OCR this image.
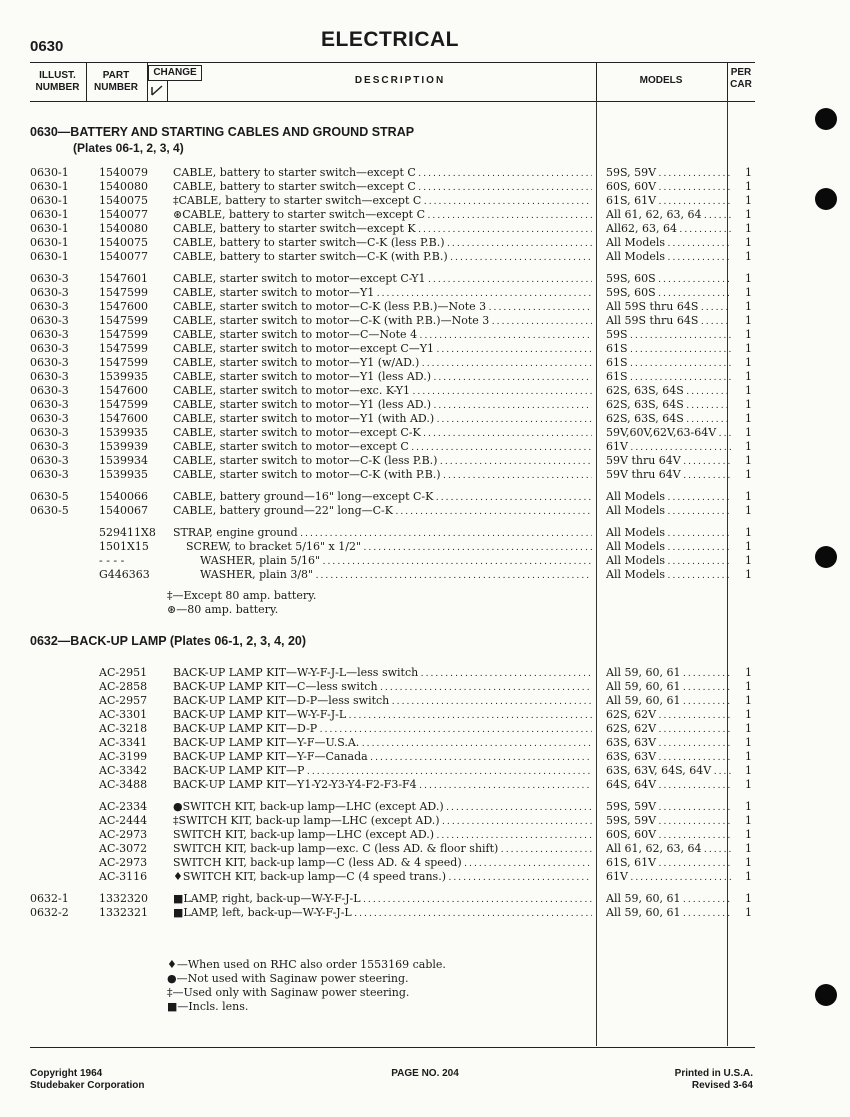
0630	ELECTRICAL
ILLUST.
NUMBER
PART
NUMBER
CHANGE
DESCRIPTION	MODELS
PER
CAR
0630—BATTERY AND STARTING CABLES AND GROUND STRAP
(Plates 06-1, 2, 3, 4)
0630-1	1540079	CABLE, battery to starter switch—except C . . .	59S, 59V . . .	1
0630-1	1540080	CABLE, battery to starter switch—except C . . .	60S, 60V . . .	1
0630-1	1540075	‡CABLE, battery to starter switch—except C . . .	61S, 61V . . .	1
0630-1	1540077	⊛CABLE, battery to starter switch—except C . . .	All 61, 62, 63, 64 . . .	1
0630-1	1540080	CABLE, battery to starter switch—except K . . .	All62, 63, 64 . . .	1
0630-1	1540075	CABLE, battery to starter switch—C-K (less P.B.) . . .	All Models . . .	1
0630-1	1540077	CABLE, battery to starter switch—C-K (with P.B.) . . .	All Models . . .	1
0630-3	1547601	CABLE, starter switch to motor—except C-Y1 . . .	59S, 60S . . .	1
0630-3	1547599	CABLE, starter switch to motor—Y1 . . .	59S, 60S . . .	1
0630-3	1547600	CABLE, starter switch to motor—C-K (less P.B.)—Note 3 . . .	All 59S thru 64S . . .	1
0630-3	1547599	CABLE, starter switch to motor—C-K (with P.B.)—Note 3 . . .	All 59S thru 64S . . .	1
0630-3	1547599	CABLE, starter switch to motor—C—Note 4 . . .	59S . . .	1
0630-3	1547599	CABLE, starter switch to motor—except C—Y1 . . .	61S . . .	1
0630-3	1547599	CABLE, starter switch to motor—Y1 (w/AD.) . . .	61S . . .	1
0630-3	1539935	CABLE, starter switch to motor—Y1 (less AD.) . . .	61S . . .	1
0630-3	1547600	CABLE, starter switch to motor—exc. K-Y1 . . .	62S, 63S, 64S . . .	1
0630-3	1547599	CABLE, starter switch to motor—Y1 (less AD.) . . .	62S, 63S, 64S . . .	1
0630-3	1547600	CABLE, starter switch to motor—Y1 (with AD.) . . .	62S, 63S, 64S . . .	1
0630-3	1539935	CABLE, starter switch to motor—except C-K . . .	59V,60V,62V,63-64V . . .	1
0630-3	1539939	CABLE, starter switch to motor—except C . . .	61V . . .	1
0630-3	1539934	CABLE, starter switch to motor—C-K (less P.B.) . . .	59V thru 64V . . .	1
0630-3	1539935	CABLE, starter switch to motor—C-K (with P.B.) . . .	59V thru 64V . . .	1
0630-5	1540066	CABLE, battery ground—16" long—except C-K . . .	All Models . . .	1
0630-5	1540067	CABLE, battery ground—22" long—C-K . . .	All Models . . .	1
529411X8	STRAP, engine ground . . .	All Models . . .	1
1501X15	SCREW, to bracket 5/16" x 1/2" . . .	All Models . . .	1
- - - -	WASHER, plain 5/16" . . .	All Models . . .	1
G446363	WASHER, plain 3/8" . . .	All Models . . .	1
AC-2951	BACK-UP LAMP KIT—W-Y-F-J-L—less switch . . .	All 59, 60, 61 . . .	1
AC-2858	BACK-UP LAMP KIT—C—less switch . . .	All 59, 60, 61 . . .	1
AC-2957	BACK-UP LAMP KIT—D-P—less switch . . .	All 59, 60, 61 . . .	1
AC-3301	BACK-UP LAMP KIT—W-Y-F-J-L . . .	62S, 62V . . .	1
AC-3218	BACK-UP LAMP KIT—D-P . . .	62S, 62V . . .	1
AC-3341	BACK-UP LAMP KIT—Y-F—U.S.A. . . .	63S, 63V . . .	1
AC-3199	BACK-UP LAMP KIT—Y-F—Canada . . .	63S, 63V . . .	1
AC-3342	BACK-UP LAMP KIT—P . . .	63S, 63V, 64S, 64V . . .	1
AC-3488	BACK-UP LAMP KIT—Y1-Y2-Y3-Y4-F2-F3-F4 . . .	64S, 64V . . .	1
AC-2334	●SWITCH KIT, back-up lamp—LHC (except AD.) . . .	59S, 59V . . .	1
AC-2444	‡SWITCH KIT, back-up lamp—LHC (except AD.) . . .	59S, 59V . . .	1
AC-2973	SWITCH KIT, back-up lamp—LHC (except AD.) . . .	60S, 60V . . .	1
AC-3072	SWITCH KIT, back-up lamp—exc. C (less AD. & floor shift) . . .	All 61, 62, 63, 64 . . .	1
AC-2973	SWITCH KIT, back-up lamp—C (less AD. & 4 speed) . . .	61S, 61V . . .	1
AC-3116	♦SWITCH KIT, back-up lamp—C (4 speed trans.) . . .	61V . . .	1
0632-1	1332320	■LAMP, right, back-up—W-Y-F-J-L . . .	All 59, 60, 61 . . .	1
0632-2	1332321	■LAMP, left, back-up—W-Y-F-J-L . . .	All 59, 60, 61 . . .	1
‡—Except 80 amp. battery.
⊛—80 amp. battery.
0632—BACK-UP LAMP (Plates 06-1, 2, 3, 4, 20)
♦—When used on RHC also order 1553169 cable.
●—Not used with Saginaw power steering.
‡—Used only with Saginaw power steering.
■—Incls. lens.
Copyright 1964
Studebaker Corporation
PAGE NO. 204	Printed in U.S.A.
Revised 3-64
